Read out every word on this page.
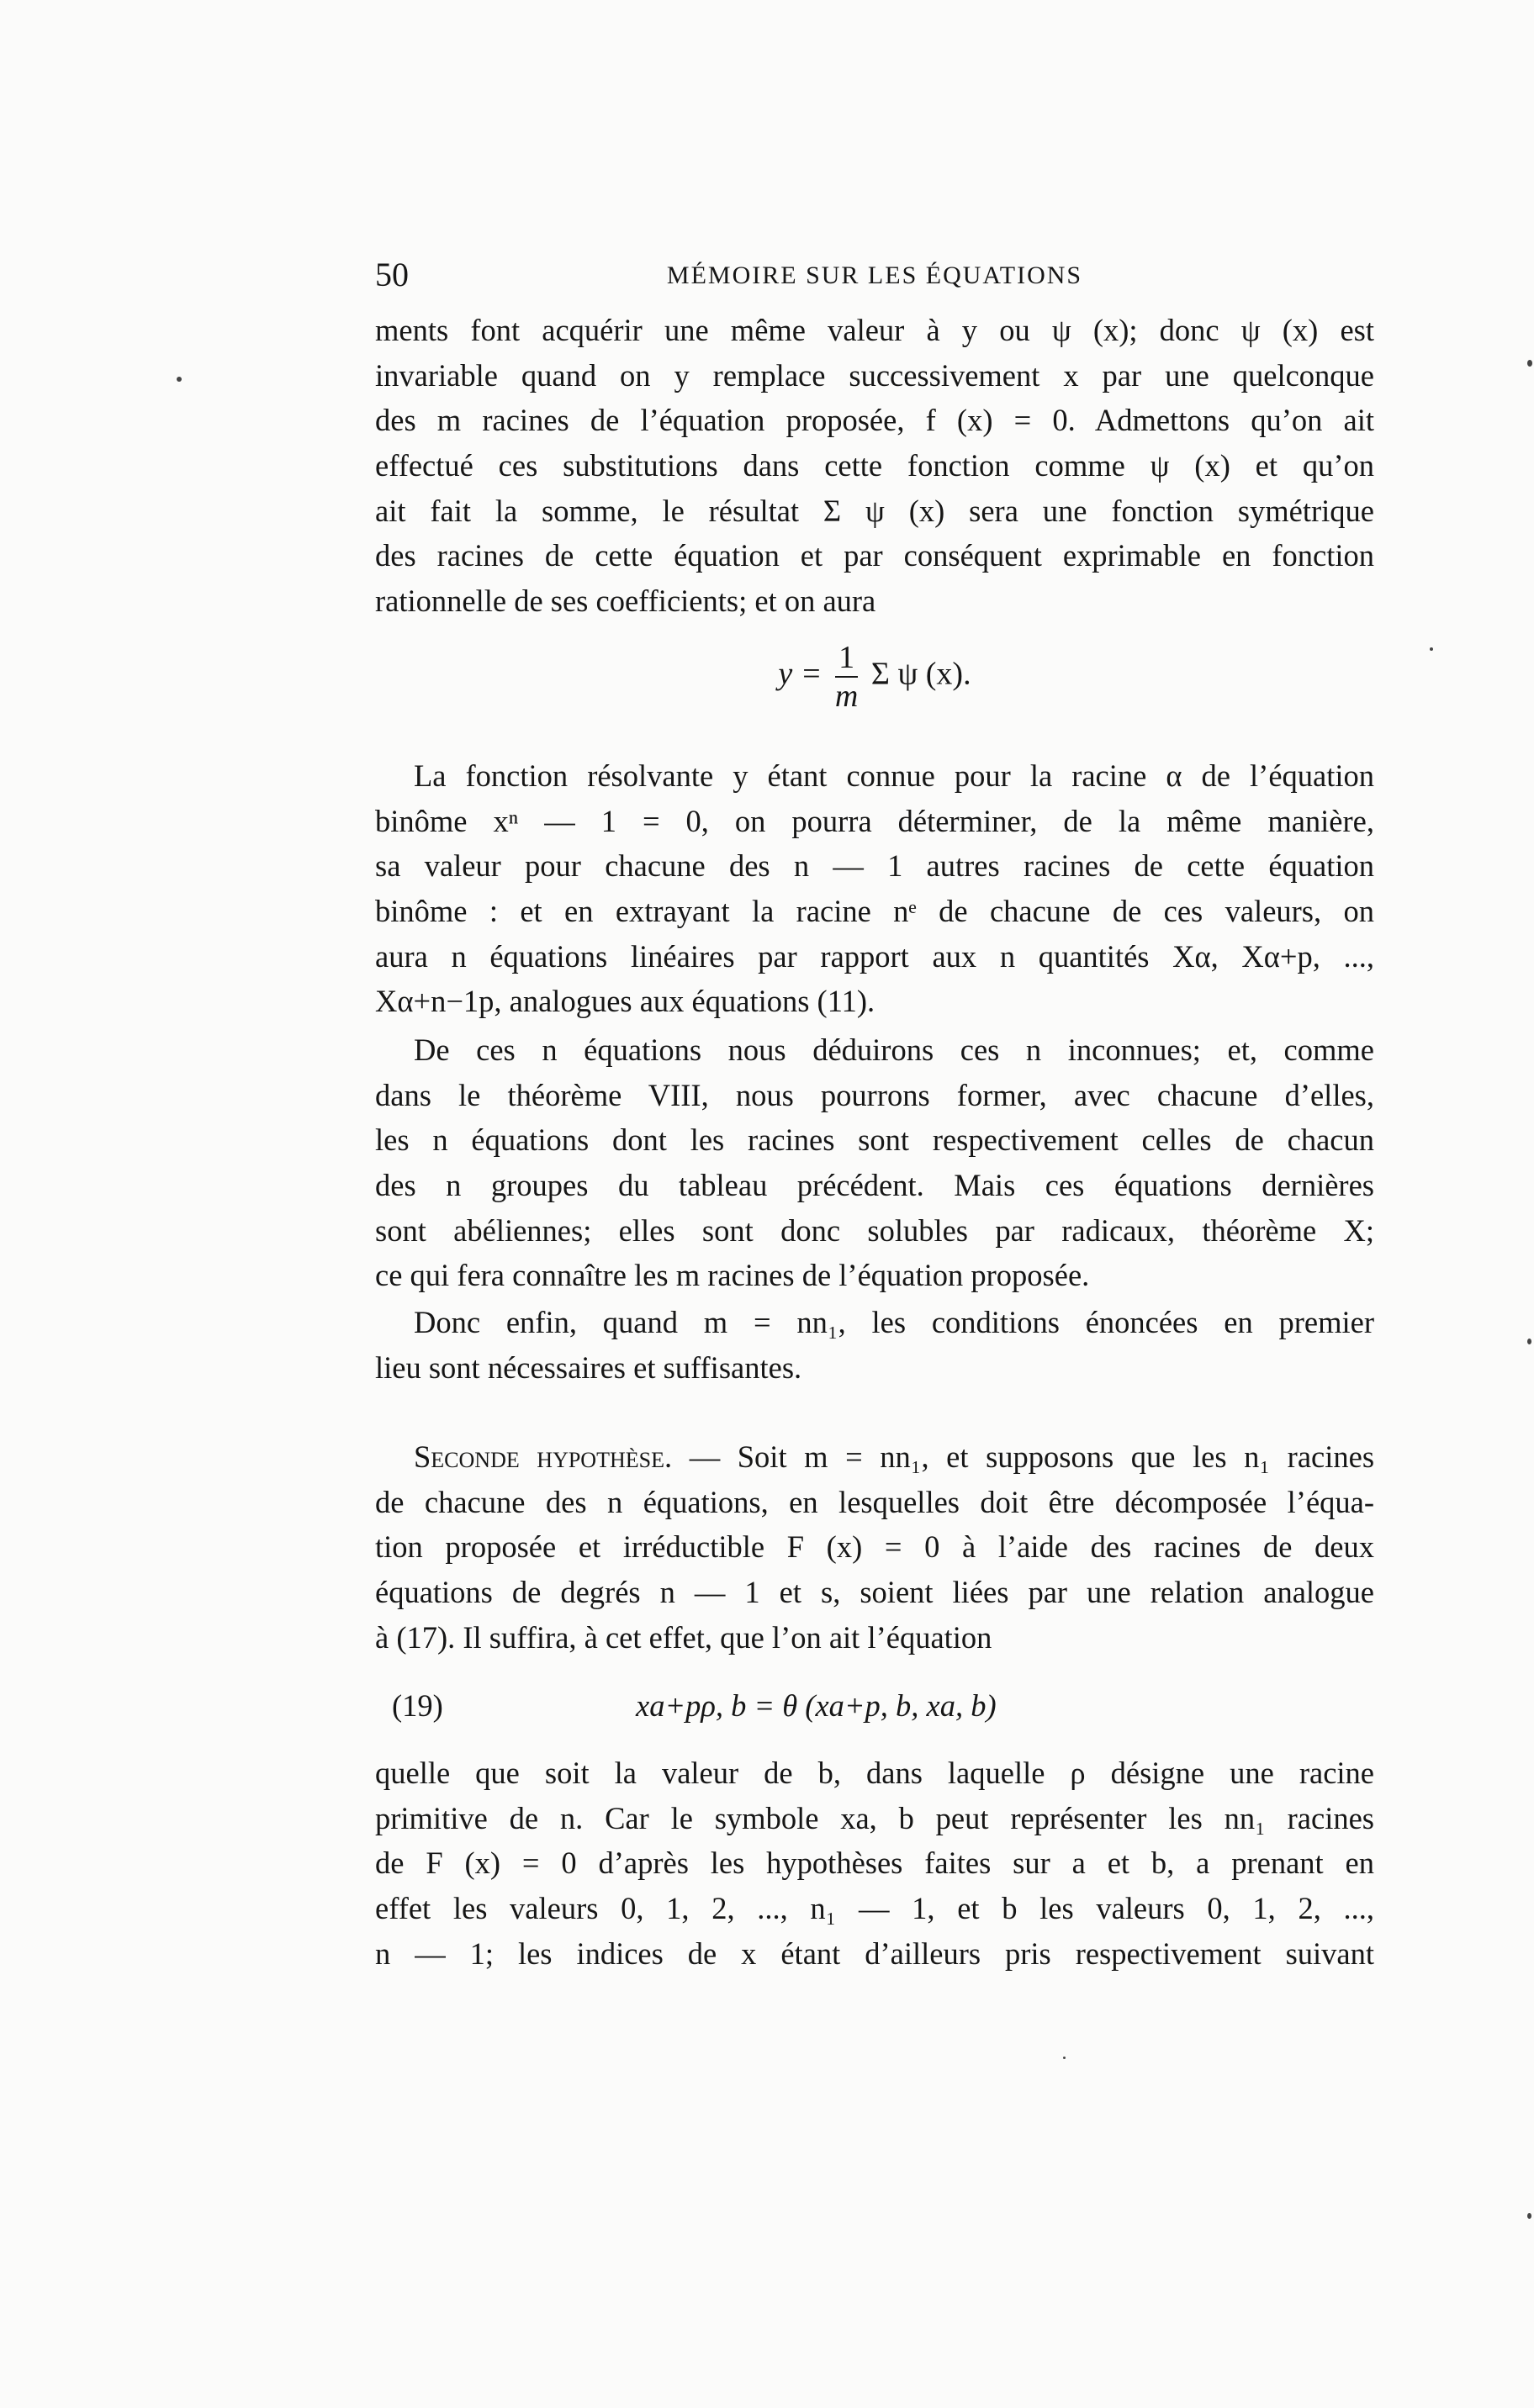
50	MÉMOIRE SUR LES ÉQUATIONS
ments font acquérir une même valeur à y ou ψ (x); donc ψ (x) est
invariable quand on y remplace successivement x par une quelconque
des m racines de l’équation proposée, f (x) = 0. Admettons qu’on ait
effectué ces substitutions dans cette fonction comme ψ (x) et qu’on
ait fait la somme, le résultat Σ ψ (x) sera une fonction symétrique
des racines de cette équation et par conséquent exprimable en fonction
rationnelle de ses coefficients; et on aura
$y = \frac{1}{m}$ Σ ψ (x).
La fonction résolvante y étant connue pour la racine α de l’équation
binôme xⁿ — 1 = 0, on pourra déterminer, de la même manière,
sa valeur pour chacune des n — 1 autres racines de cette équation
binôme : et en extrayant la racine nᵉ de chacune de ces valeurs, on
aura n équations linéaires par rapport aux n quantités Xα, Xα+p, ...,
Xα+n−1p, analogues aux équations (11).
De ces n équations nous déduirons ces n inconnues; et, comme
dans le théorème VIII, nous pourrons former, avec chacune d’elles,
les n équations dont les racines sont respectivement celles de chacun
des n groupes du tableau précédent. Mais ces équations dernières
sont abéliennes; elles sont donc solubles par radicaux, théorème X;
ce qui fera connaître les m racines de l’équation proposée.
Donc enfin, quand m = nn₁, les conditions énoncées en premier
lieu sont nécessaires et suffisantes.
Seconde hypothèse. — Soit m = nn₁, et supposons que les n₁ racines
de chacune des n équations, en lesquelles doit être décomposée l’équa-
tion proposée et irréductible F (x) = 0 à l’aide des racines de deux
équations de degrés n — 1 et s, soient liées par une relation analogue
à (17). Il suffira, à cet effet, que l’on ait l’équation
(19)	xa+pρ, b = θ (xa+p, b, xa, b)
quelle que soit la valeur de b, dans laquelle ρ désigne une racine
primitive de n. Car le symbole xa, b peut représenter les nn₁ racines
de F (x) = 0 d’après les hypothèses faites sur a et b, a prenant en
effet les valeurs 0, 1, 2, ..., n₁ — 1, et b les valeurs 0, 1, 2, ...,
n — 1; les indices de x étant d’ailleurs pris respectivement suivant
